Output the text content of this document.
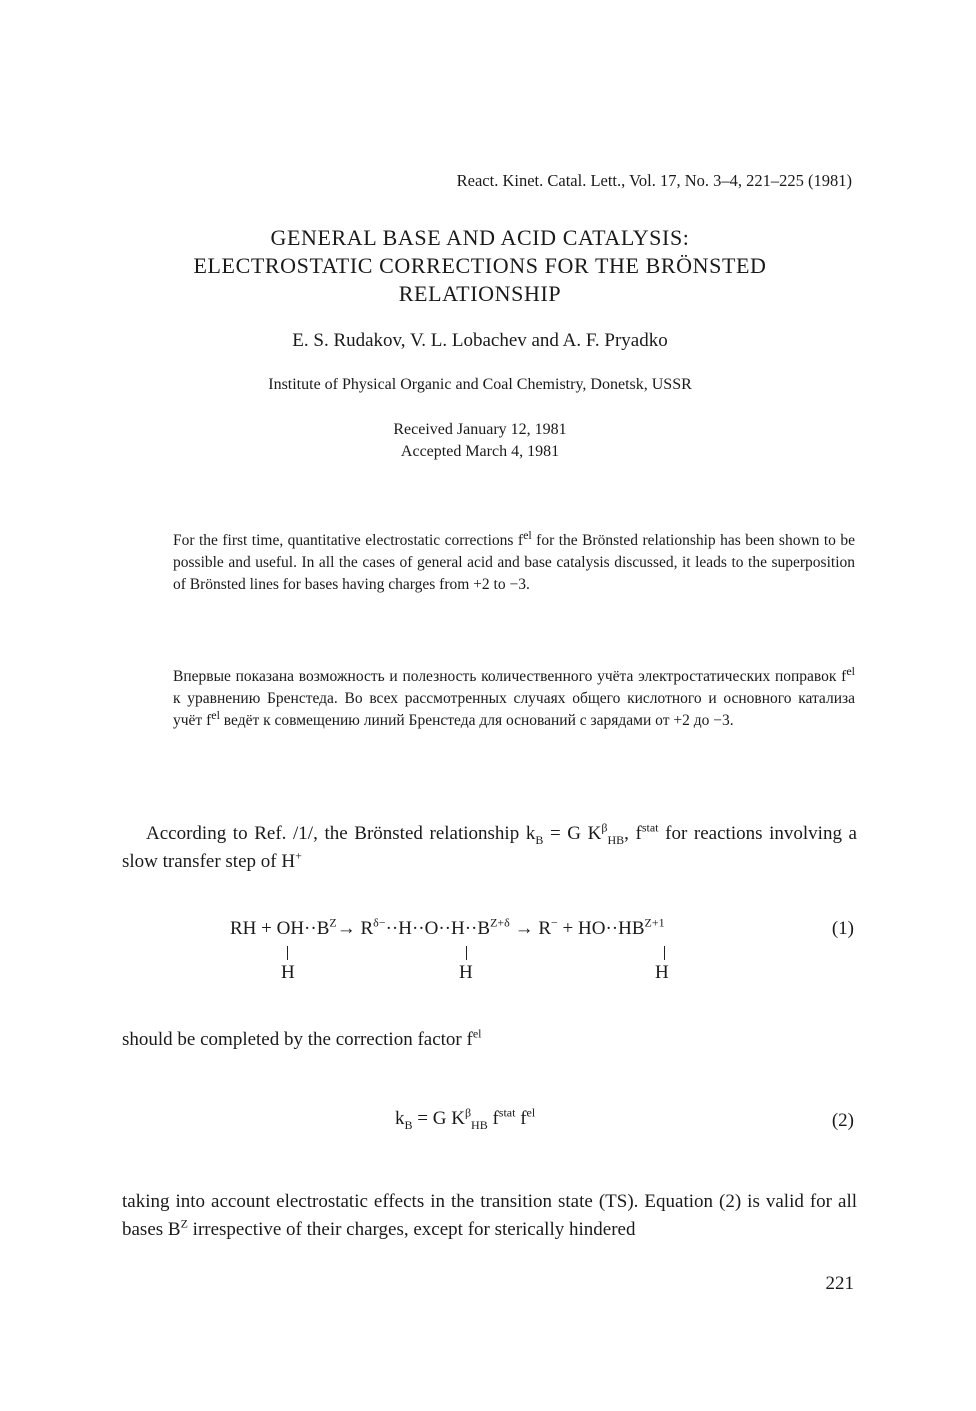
React. Kinet. Catal. Lett., Vol. 17, No. 3–4, 221–225 (1981)
GENERAL BASE AND ACID CATALYSIS:
ELECTROSTATIC CORRECTIONS FOR THE BRÖNSTED
RELATIONSHIP
E. S. Rudakov, V. L. Lobachev and A. F. Pryadko
Institute of Physical Organic and Coal Chemistry, Donetsk, USSR
Received January 12, 1981
Accepted March 4, 1981
For the first time, quantitative electrostatic corrections $f^{el}$ for the Brönsted relationship has been shown to be possible and useful. In all the cases of general acid and base catalysis discussed, it leads to the superposition of Brönsted lines for bases having charges from +2 to −3.
Впервые показана возможность и полезность количественного учёта электростатических поправок $f^{el}$ к уравнению Бренстеда. Во всех рассмотренных случаях общего кислотного и основного катализа учёт $f^{el}$ ведёт к совмещению линий Бренстеда для оснований с зарядами от +2 до −3.
According to Ref. /1/, the Brönsted relationship $k_B = G$ $K^\beta_{HB}$, $f^{stat}$ for reactions involving a slow transfer step of H+
RH + $OH\cdot\cdot B^Z\to R^{\delta-}\cdot\cdot H\cdot\cdot O\cdot\cdot H\cdot\cdot B^{Z+\delta} \to R^- + HO\cdot\cdot HB^{Z+1}$
H	H	H
(1)
should be completed by the correction factor $f^{el}$
$k_B = G$ $K^\beta_{HB}$ $f^{stat}$ $f^{el}$	(2)
taking into account electrostatic effects in the transition state (TS). Equation (2) is valid for all bases $B^Z$ irrespective of their charges, except for sterically hindered
221
